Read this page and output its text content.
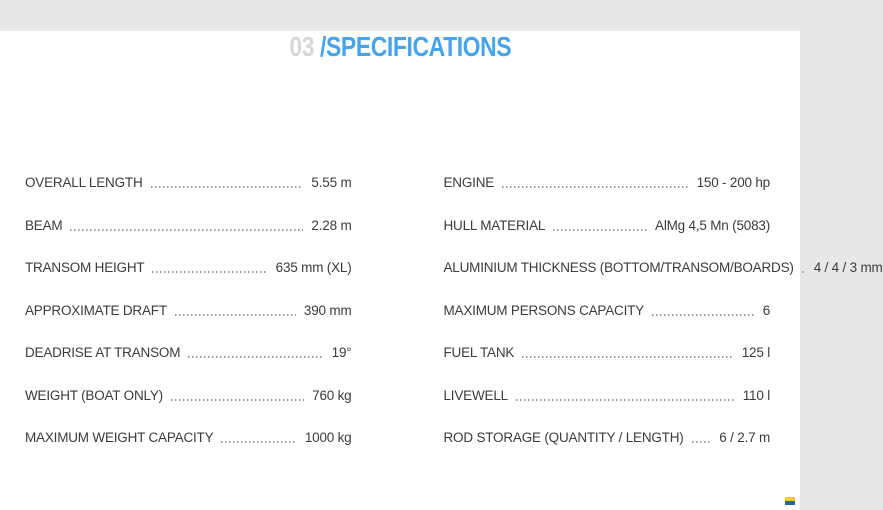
03 /SPECIFICATIONS
OVERALL LENGTH	5.55 m
BEAM	2.28 m
TRANSOM HEIGHT	635 mm (XL)
APPROXIMATE DRAFT	390 mm
DEADRISE AT TRANSOM	19°
WEIGHT (BOAT ONLY)	760 kg
MAXIMUM WEIGHT CAPACITY	1000 kg
ENGINE	150 - 200 hp
HULL MATERIAL	AlMg 4,5 Mn (5083)
ALUMINIUM THICKNESS (BOTTOM/TRANSOM/BOARDS) 4 / 4 / 3 mm
MAXIMUM PERSONS CAPACITY	6
FUEL TANK	125 l
LIVEWELL	110 l
ROD STORAGE (QUANTITY / LENGTH)	6 / 2.7 m
